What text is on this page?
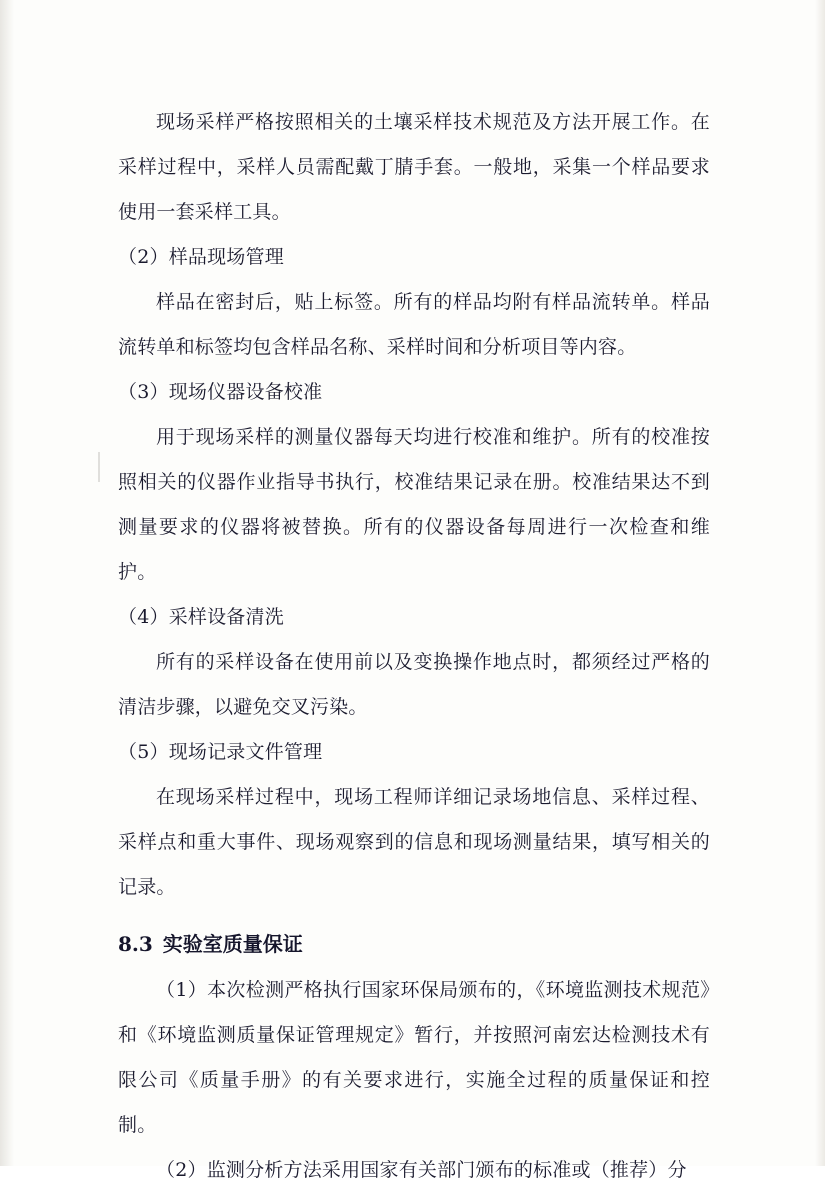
现场采样严格按照相关的土壤采样技术规范及方法开展工作。在采样过程中，采样人员需配戴丁腈手套。一般地，采集一个样品要求使用一套采样工具。

（2）样品现场管理

样品在密封后，贴上标签。所有的样品均附有样品流转单。样品流转单和标签均包含样品名称、采样时间和分析项目等内容。

（3）现场仪器设备校准

用于现场采样的测量仪器每天均进行校准和维护。所有的校准按照相关的仪器作业指导书执行，校准结果记录在册。校准结果达不到测量要求的仪器将被替换。所有的仪器设备每周进行一次检查和维护。

（4）采样设备清洗

所有的采样设备在使用前以及变换操作地点时，都须经过严格的清洁步骤，以避免交叉污染。

（5）现场记录文件管理

在现场采样过程中，现场工程师详细记录场地信息、采样过程、采样点和重大事件、现场观察到的信息和现场测量结果，填写相关的记录。

8.3 实验室质量保证

（1）本次检测严格执行国家环保局颁布的，《环境监测技术规范》和《环境监测质量保证管理规定》暂行，并按照河南宏达检测技术有限公司《质量手册》的有关要求进行，实施全过程的质量保证和控制。

（2）监测分析方法采用国家有关部门颁布的标准或（推荐）分
